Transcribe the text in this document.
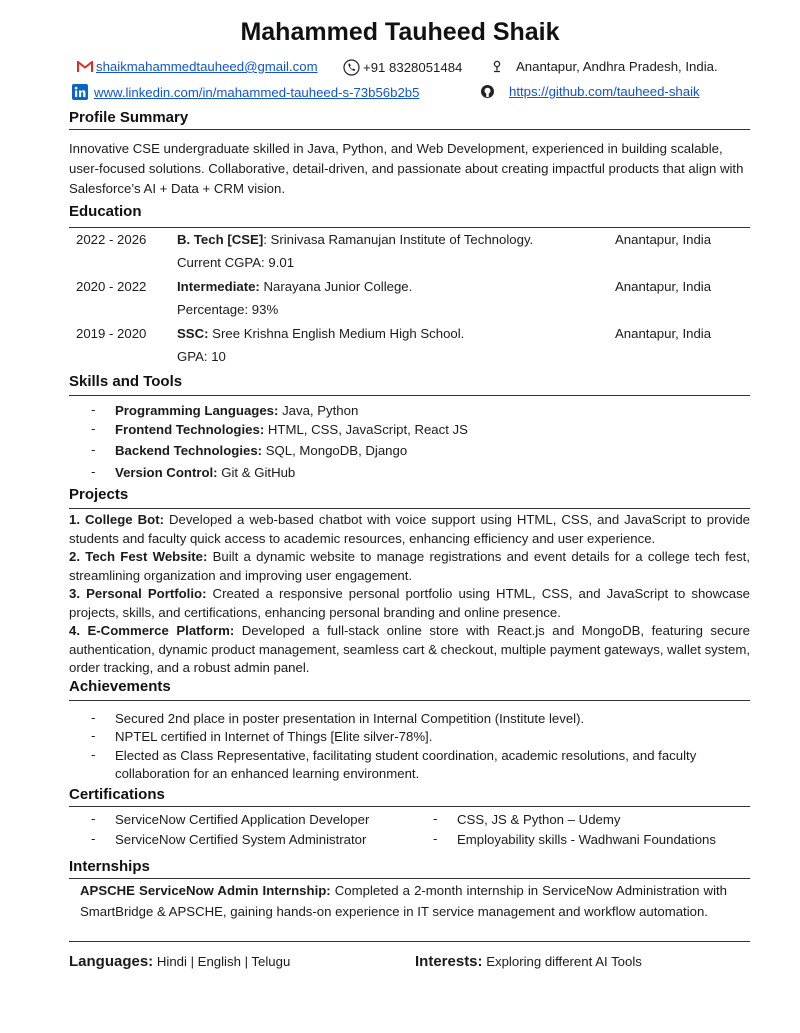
Mahammed Tauheed Shaik
shaikmahammedtauheed@gmail.com	+91 8328051484	Anantapur, Andhra Pradesh, India.
www.linkedin.com/in/mahammed-tauheed-s-73b56b2b5	https://github.com/tauheed-shaik
Profile Summary
Innovative CSE undergraduate skilled in Java, Python, and Web Development, experienced in building scalable, user-focused solutions. Collaborative, detail-driven, and passionate about creating impactful products that align with Salesforce’s AI + Data + CRM vision.
Education
2022 - 2026 B. Tech [CSE]: Srinivasa Ramanujan Institute of Technology.	Anantapur, India
Current CGPA: 9.01
2020 - 2022 Intermediate: Narayana Junior College.	Anantapur, India
Percentage: 93%
2019 - 2020 SSC: Sree Krishna English Medium High School.	Anantapur, India
GPA: 10
Skills and Tools
- Programming Languages: Java, Python
- Frontend Technologies: HTML, CSS, JavaScript, React JS
- Backend Technologies: SQL, MongoDB, Django
- Version Control: Git & GitHub
Projects

1. College Bot: Developed a web-based chatbot with voice support using HTML, CSS, and JavaScript to provide students and faculty quick access to academic resources, enhancing efficiency and user experience.

2. Tech Fest Website: Built a dynamic website to manage registrations and event details for a college tech fest, streamlining organization and improving user engagement.

3. Personal Portfolio: Created a responsive personal portfolio using HTML, CSS, and JavaScript to showcase projects, skills, and certifications, enhancing personal branding and online presence.

4. E-Commerce Platform: Developed a full-stack online store with React.js and MongoDB, featuring secure authentication, dynamic product management, seamless cart & checkout, multiple payment gateways, wallet system, order tracking, and a robust admin panel.

Achievements
- Secured 2nd place in poster presentation in Internal Competition (Institute level).
- NPTEL certified in Internet of Things [Elite silver-78%].
- Elected as Class Representative, facilitating student coordination, academic resolutions, and faculty collaboration for an enhanced learning environment.
Certifications
- ServiceNow Certified Application Developer
- ServiceNow Certified System Administrator
- CSS, JS & Python – Udemy
- Employability skills - Wadhwani Foundations
Internships
APSCHE ServiceNow Admin Internship: Completed a 2-month internship in ServiceNow Administration with SmartBridge & APSCHE, gaining hands-on experience in IT service management and workflow automation.
Languages: Hindi | English | Telugu	Interests: Exploring different AI Tools
